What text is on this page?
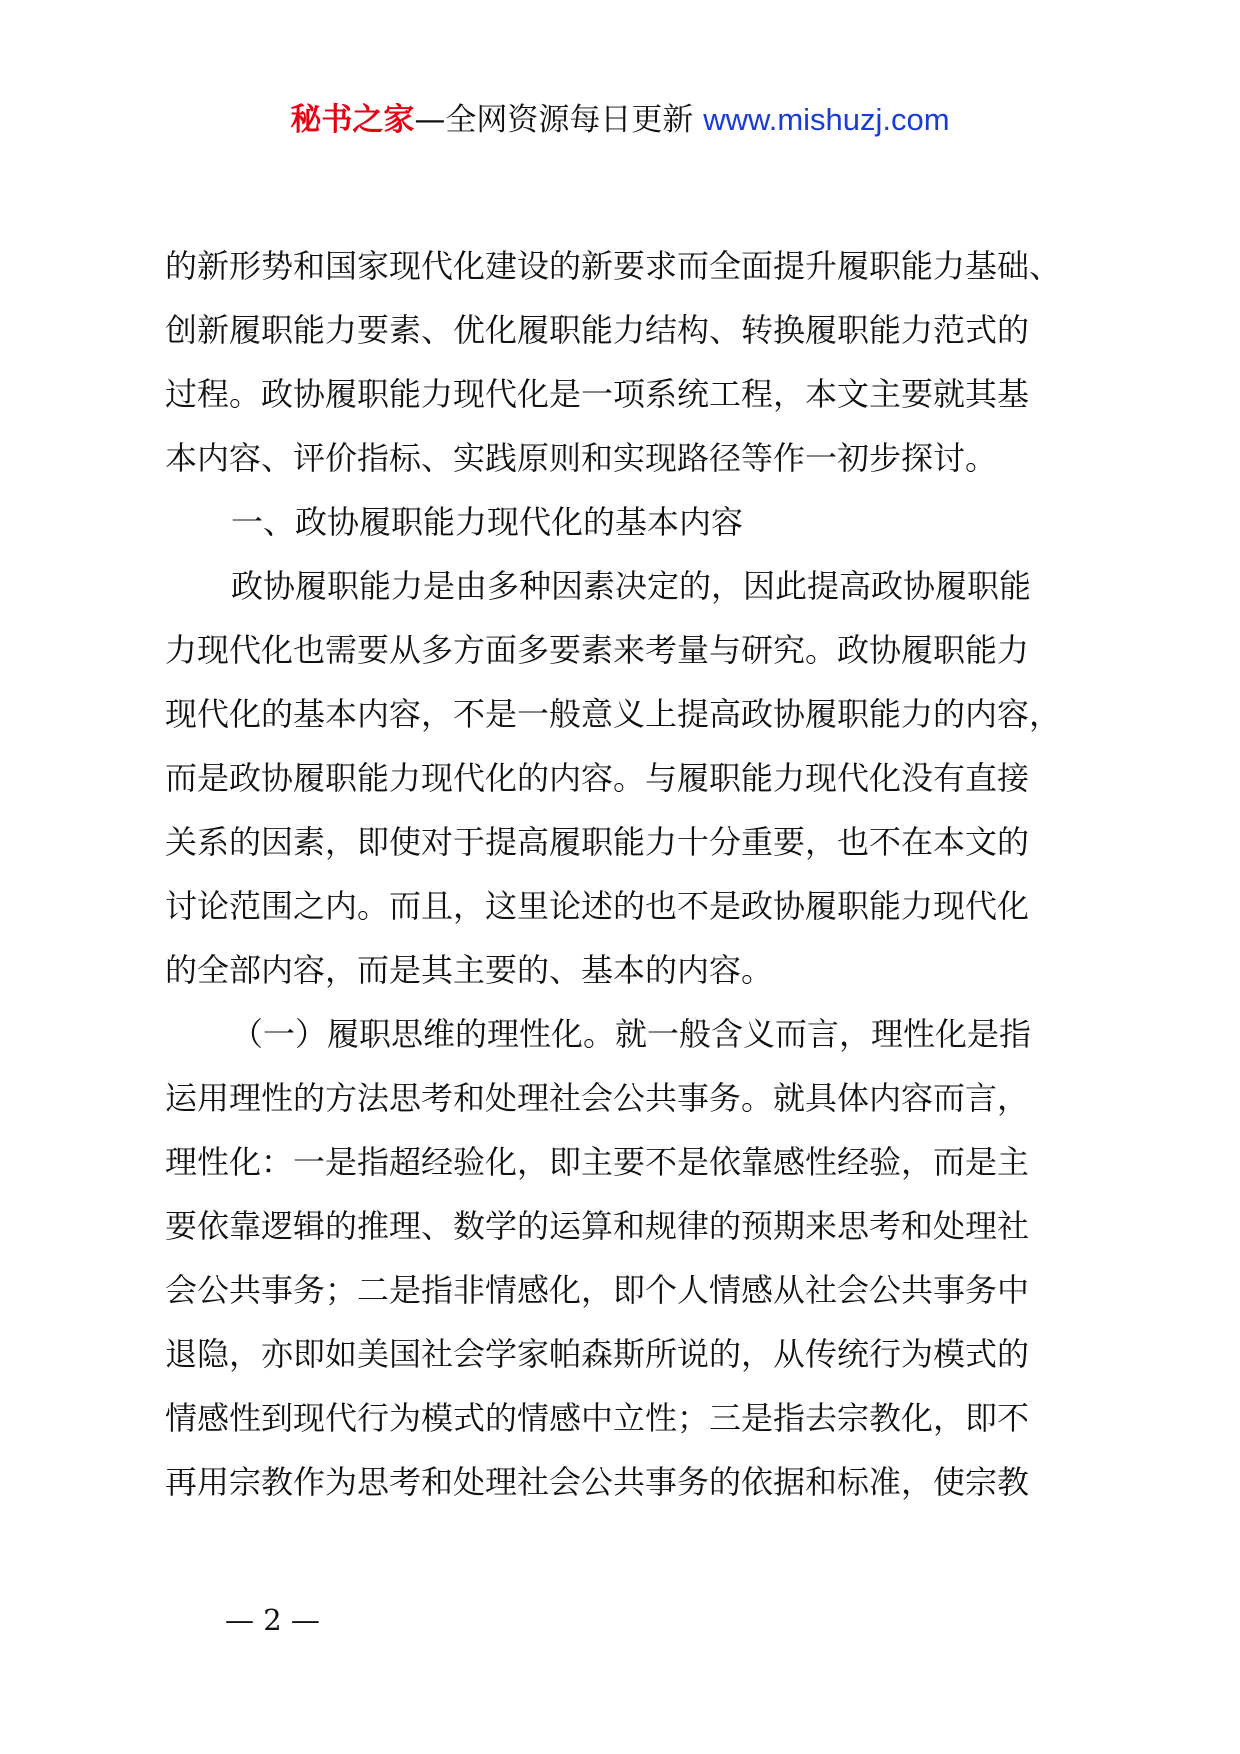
秘书之家—全网资源每日更新 www.mishuzj.com
的新形势和国家现代化建设的新要求而全面提升履职能力基础、
创新履职能力要素、优化履职能力结构、转换履职能力范式的
过程。政协履职能力现代化是一项系统工程，本文主要就其基
本内容、评价指标、实践原则和实现路径等作一初步探讨。
一、政协履职能力现代化的基本内容
政协履职能力是由多种因素决定的，因此提高政协履职能
力现代化也需要从多方面多要素来考量与研究。政协履职能力
现代化的基本内容，不是一般意义上提高政协履职能力的内容，
而是政协履职能力现代化的内容。与履职能力现代化没有直接
关系的因素，即使对于提高履职能力十分重要，也不在本文的
讨论范围之内。而且，这里论述的也不是政协履职能力现代化
的全部内容，而是其主要的、基本的内容。
（一）履职思维的理性化。就一般含义而言，理性化是指
运用理性的方法思考和处理社会公共事务。就具体内容而言，
理性化：一是指超经验化，即主要不是依靠感性经验，而是主
要依靠逻辑的推理、数学的运算和规律的预期来思考和处理社
会公共事务；二是指非情感化，即个人情感从社会公共事务中
退隐，亦即如美国社会学家帕森斯所说的，从传统行为模式的
情感性到现代行为模式的情感中立性；三是指去宗教化，即不
再用宗教作为思考和处理社会公共事务的依据和标准，使宗教
— 2 —
